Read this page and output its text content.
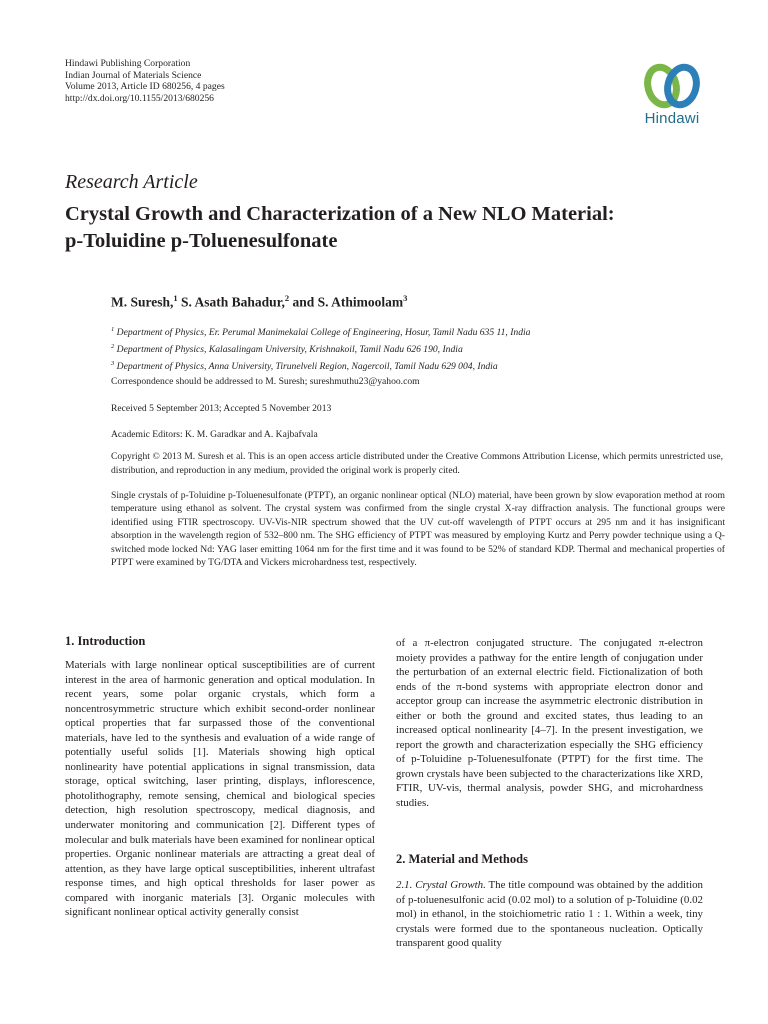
Hindawi Publishing Corporation
Indian Journal of Materials Science
Volume 2013, Article ID 680256, 4 pages
http://dx.doi.org/10.1155/2013/680256
Hindawi
Research Article
Crystal Growth and Characterization of a New NLO Material:
p-Toluidine p-Toluenesulfonate
M. Suresh,$^1$ S. Asath Bahadur,$^2$ and S. Athimoolam$^3$
$^1$ Department of Physics, Er. Perumal Manimekalai College of Engineering, Hosur, Tamil Nadu 635 11, India
$^2$ Department of Physics, Kalasalingam University, Krishnakoil, Tamil Nadu 626 190, India
$^3$ Department of Physics, Anna University, Tirunelveli Region, Nagercoil, Tamil Nadu 629 004, India
Correspondence should be addressed to M. Suresh; sureshmuthu23@yahoo.com
Received 5 September 2013; Accepted 5 November 2013
Academic Editors: K. M. Garadkar and A. Kajbafvala
Copyright © 2013 M. Suresh et al. This is an open access article distributed under the Creative Commons Attribution License, which permits unrestricted use, distribution, and reproduction in any medium, provided the original work is properly cited.
Single crystals of p-Toluidine p-Toluenesulfonate (PTPT), an organic nonlinear optical (NLO) material, have been grown by slow evaporation method at room temperature using ethanol as solvent. The crystal system was confirmed from the single crystal X-ray diffraction analysis. The functional groups were identified using FTIR spectroscopy. UV-Vis-NIR spectrum showed that the UV cut-off wavelength of PTPT occurs at 295 nm and it has insignificant absorption in the wavelength region of 532–800 nm. The SHG efficiency of PTPT was measured by employing Kurtz and Perry powder technique using a Q-switched mode locked Nd: YAG laser emitting 1064 nm for the first time and it was found to be 52% of standard KDP. Thermal and mechanical properties of PTPT were examined by TG/DTA and Vickers microhardness test, respectively.
1. Introduction
Materials with large nonlinear optical susceptibilities are of current interest in the area of harmonic generation and optical modulation. In recent years, some polar organic crystals, which form a noncentrosymmetric structure which exhibit second-order nonlinear optical properties that far surpassed those of the conventional materials, have led to the synthesis and evaluation of a wide range of potentially useful solids [1]. Materials showing high optical nonlinearity have potential applications in signal transmission, data storage, optical switching, laser printing, displays, inflorescence, photolithography, remote sensing, chemical and biological species detection, high resolution spectroscopy, medical diagnosis, and underwater monitoring and communication [2]. Different types of molecular and bulk materials have been examined for nonlinear optical properties. Organic nonlinear materials are attracting a great deal of attention, as they have large optical susceptibilities, inherent ultrafast response times, and high optical thresholds for laser power as compared with inorganic materials [3]. Organic molecules with significant nonlinear optical activity generally consist
of a π-electron conjugated structure. The conjugated π-electron moiety provides a pathway for the entire length of conjugation under the perturbation of an external electric field. Fictionalization of both ends of the π-bond systems with appropriate electron donor and acceptor group can increase the asymmetric electronic distribution in either or both the ground and excited states, thus leading to an increased optical nonlinearity [4–7]. In the present investigation, we report the growth and characterization especially the SHG efficiency of p-Toluidine p-Toluenesulfonate (PTPT) for the first time. The grown crystals have been subjected to the characterizations like XRD, FTIR, UV-vis, thermal analysis, powder SHG, and microhardness studies.
2. Material and Methods
2.1. Crystal Growth. The title compound was obtained by the addition of p-toluenesulfonic acid (0.02 mol) to a solution of p-Toluidine (0.02 mol) in ethanol, in the stoichiometric ratio 1 : 1. Within a week, tiny crystals were formed due to the spontaneous nucleation. Optically transparent good quality
